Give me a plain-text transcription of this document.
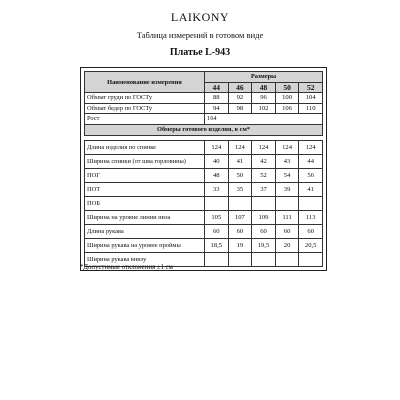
LAIKONY
Таблица измерений в готовом виде
Платье L-943
Наименование измерения	Размеры				
	44	46	48	50	52
Обхват груди по ГОСТу	88	92	96	100	104
Обхват бедер по ГОСТу	94	98	102	106	110
Рост	164				
Обмеры готового изделия, в см*					

Длина изделия по спинке	124	124	124	124	124
Ширина спинки (от шва горловины)	40	41	42	43	44
ПОГ	48	50	52	54	56
ПОТ	33	35	37	39	41
ПОБ					
Ширина на уровне линии низа	105	107	109	111	113
Длина рукава	60	60	60	60	60
Ширина рукава на уровне проймы	18,5	19	19,5	20	20,5
Ширина рукава внизу					
*Допустимые отклонения ±1 см
